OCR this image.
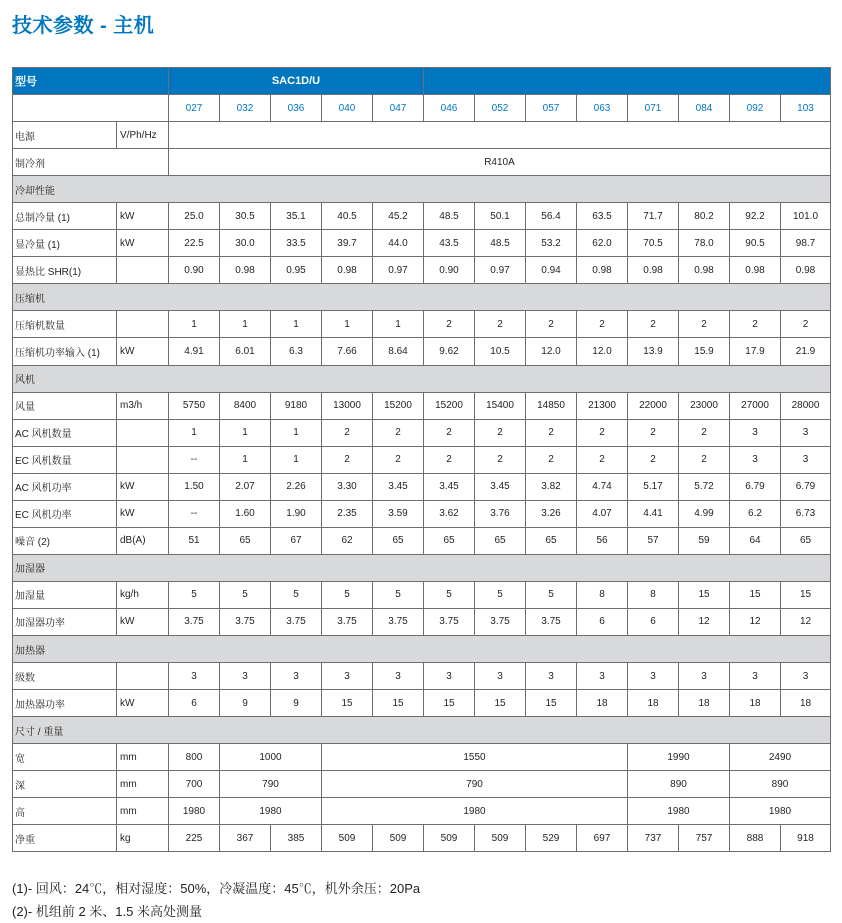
技术参数 - 主机
型号		SAC1D/U												
		027	032	036	040	047	046	052	057	063	071	084	092	103
电源	V/Ph/Hz													
制冷剂		R410A												
冷却性能														
总制冷量 (1)	kW	25.0	30.5	35.1	40.5	45.2	48.5	50.1	56.4	63.5	71.7	80.2	92.2	101.0
显冷量 (1)	kW	22.5	30.0	33.5	39.7	44.0	43.5	48.5	53.2	62.0	70.5	78.0	90.5	98.7
显热比 SHR(1)		0.90	0.98	0.95	0.98	0.97	0.90	0.97	0.94	0.98	0.98	0.98	0.98	0.98
压缩机														
压缩机数量		1	1	1	1	1	2	2	2	2	2	2	2	2
压缩机功率输入 (1)	kW	4.91	6.01	6.3	7.66	8.64	9.62	10.5	12.0	12.0	13.9	15.9	17.9	21.9
风机														
风量	m3/h	5750	8400	9180	13000	15200	15200	15400	14850	21300	22000	23000	27000	28000
AC 风机数量		1	1	1	2	2	2	2	2	2	2	2	3	3
EC 风机数量		--	1	1	2	2	2	2	2	2	2	2	3	3
AC 风机功率	kW	1.50	2.07	2.26	3.30	3.45	3.45	3.45	3.82	4.74	5.17	5.72	6.79	6.79
EC 风机功率	kW	--	1.60	1.90	2.35	3.59	3.62	3.76	3.26	4.07	4.41	4.99	6.2	6.73
噪音 (2)	dB(A)	51	65	67	62	65	65	65	65	56	57	59	64	65
加湿器														
加湿量	kg/h	5	5	5	5	5	5	5	5	8	8	15	15	15
加湿器功率	kW	3.75	3.75	3.75	3.75	3.75	3.75	3.75	3.75	6	6	12	12	12
加热器														
级数		3	3	3	3	3	3	3	3	3	3	3	3	3
加热器功率	kW	6	9	9	15	15	15	15	15	18	18	18	18	18
尺寸 / 重量														
宽	mm	800	1000		1550						1990		2490	
深	mm	700	790		790						890		890	
高	mm	1980	1980		1980						1980		1980	
净重	kg	225	367	385	509	509	509	509	529	697	737	757	888	918
(1)- 回风：24℃，相对湿度：50%，冷凝温度：45℃，机外余压：20Pa
(2)- 机组前 2 米、1.5 米高处测量
